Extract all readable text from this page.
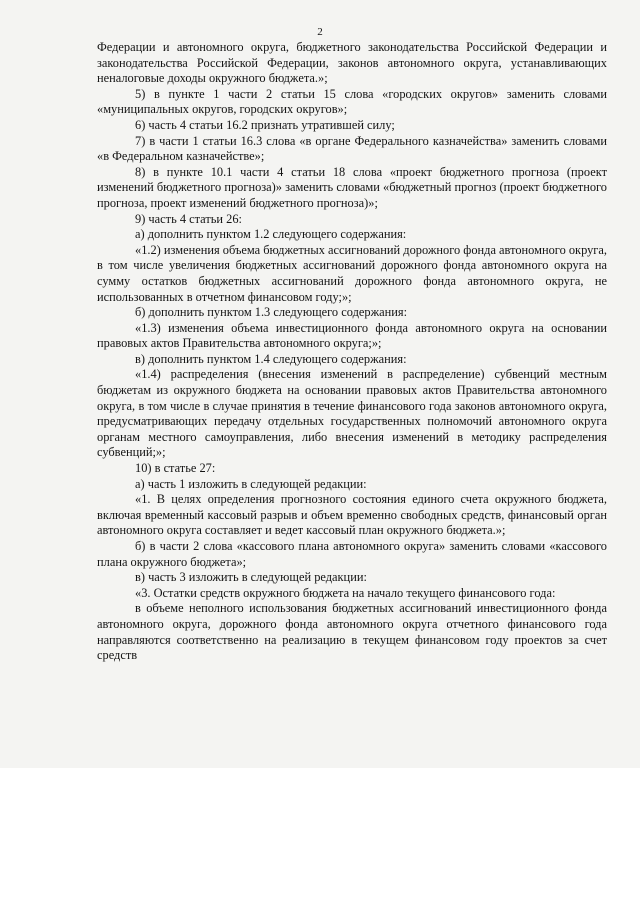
2

Федерации и автономного округа, бюджетного законодательства Российской Федерации и законодательства Российской Федерации, законов автономного округа, устанавливающих неналоговые доходы окружного бюджета.»;

5) в пункте 1 части 2 статьи 15 слова «городских округов» заменить словами «муниципальных округов, городских округов»;

6) часть 4 статьи 16.2 признать утратившей силу;

7) в части 1 статьи 16.3 слова «в органе Федерального казначейства» заменить словами «в Федеральном казначействе»;

8) в пункте 10.1 части 4 статьи 18 слова «проект бюджетного прогноза (проект изменений бюджетного прогноза)» заменить словами «бюджетный прогноз (проект бюджетного прогноза, проект изменений бюджетного прогноза)»;

9) часть 4 статьи 26:

а) дополнить пунктом 1.2 следующего содержания:

«1.2) изменения объема бюджетных ассигнований дорожного фонда автономного округа, в том числе увеличения бюджетных ассигнований дорожного фонда автономного округа на сумму остатков бюджетных ассигнований дорожного фонда автономного округа, не использованных в отчетном финансовом году;»;

б) дополнить пунктом 1.3 следующего содержания:

«1.3) изменения объема инвестиционного фонда автономного округа на основании правовых актов Правительства автономного округа;»;

в) дополнить пунктом 1.4 следующего содержания:

«1.4) распределения (внесения изменений в распределение) субвенций местным бюджетам из окружного бюджета на основании правовых актов Правительства автономного округа, в том числе в случае принятия в течение финансового года законов автономного округа, предусматривающих передачу отдельных государственных полномочий автономного округа органам местного самоуправления, либо внесения изменений в методику распределения субвенций;»;

10) в статье 27:

а) часть 1 изложить в следующей редакции:

«1. В целях определения прогнозного состояния единого счета окружного бюджета, включая временный кассовый разрыв и объем временно свободных средств, финансовый орган автономного округа составляет и ведет кассовый план окружного бюджета.»;

б) в части 2 слова «кассового плана автономного округа» заменить словами «кассового плана окружного бюджета»;

в) часть 3 изложить в следующей редакции:

«3. Остатки средств окружного бюджета на начало текущего финансового года:

в объеме неполного использования бюджетных ассигнований инвестиционного фонда автономного округа, дорожного фонда автономного округа отчетного финансового года направляются соответственно на реализацию в текущем финансовом году проектов за счет средств
